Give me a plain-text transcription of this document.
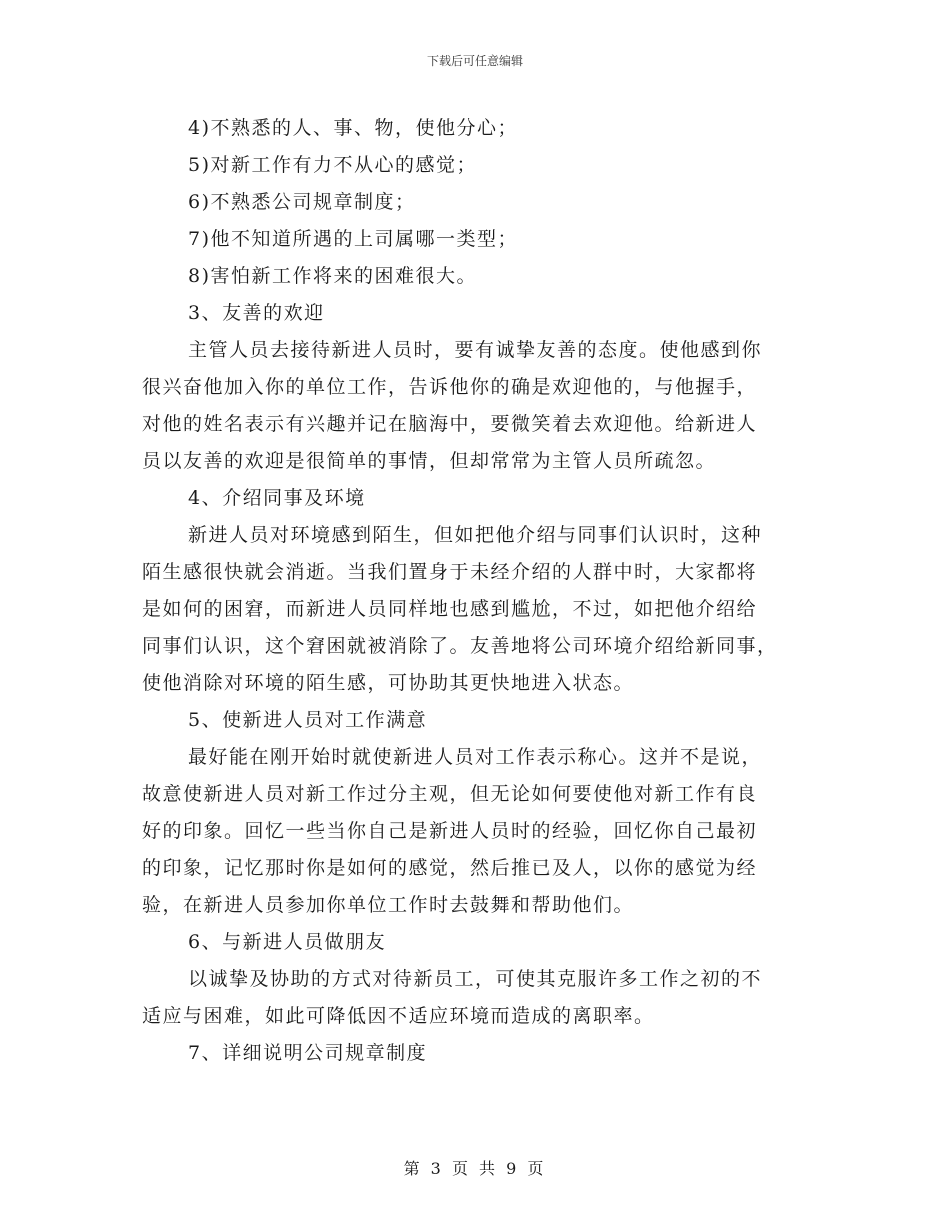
下载后可任意编辑
4)不熟悉的人、事、物，使他分心；
5)对新工作有力不从心的感觉；
6)不熟悉公司规章制度；
7)他不知道所遇的上司属哪一类型；
8)害怕新工作将来的困难很大。
3、友善的欢迎
主管人员去接待新进人员时，要有诚挚友善的态度。使他感到你
很兴奋他加入你的单位工作，告诉他你的确是欢迎他的，与他握手，
对他的姓名表示有兴趣并记在脑海中，要微笑着去欢迎他。给新进人
员以友善的欢迎是很简单的事情，但却常常为主管人员所疏忽。
4、介绍同事及环境
新进人员对环境感到陌生，但如把他介绍与同事们认识时，这种
陌生感很快就会消逝。当我们置身于未经介绍的人群中时，大家都将
是如何的困窘，而新进人员同样地也感到尴尬，不过，如把他介绍给
同事们认识，这个窘困就被消除了。友善地将公司环境介绍给新同事，
使他消除对环境的陌生感，可协助其更快地进入状态。
5、使新进人员对工作满意
最好能在刚开始时就使新进人员对工作表示称心。这并不是说，
故意使新进人员对新工作过分主观，但无论如何要使他对新工作有良
好的印象。回忆一些当你自己是新进人员时的经验，回忆你自己最初
的印象，记忆那时你是如何的感觉，然后推已及人，以你的感觉为经
验，在新进人员参加你单位工作时去鼓舞和帮助他们。
6、与新进人员做朋友
以诚挚及协助的方式对待新员工，可使其克服许多工作之初的不
适应与困难，如此可降低因不适应环境而造成的离职率。
7、详细说明公司规章制度
第 3 页 共 9 页
